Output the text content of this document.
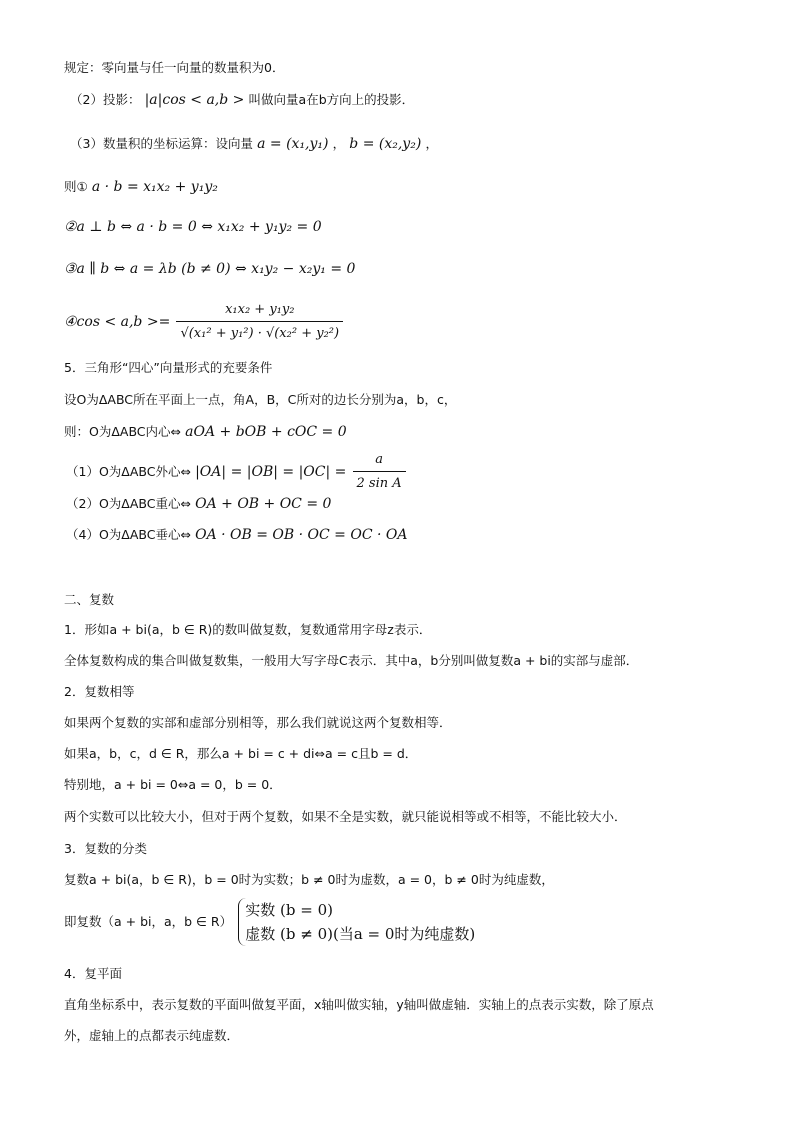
规定：零向量与任一向量的数量积为0．
（2）投影： |a|cos < a,b > 叫做向量a在b方向上的投影．
（3）数量积的坐标运算：设向量 a = (x₁,y₁) ， b = (x₂,y₂) ，
则① a · b = x₁x₂ + y₁y₂
②a ⊥ b ⇔ a · b = 0 ⇔ x₁x₂ + y₁y₂ = 0
③a ∥ b ⇔ a = λb (b ≠ 0) ⇔ x₁y₂ − x₂y₁ = 0
④cos < $a,b >= \frac{\text{x₁x₂ + y₁y₂}}{\text{√(x₁² + y₁²) · √(x₂² + y₂²)}}$
5．三角形“四心”向量形式的充要条件
设O为ΔABC所在平面上一点，角A，B，C所对的边长分别为a，b，c，
则：O为ΔABC内心⇔ aOA + bOB + cOC = 0
（1）O为ΔABC外心⇔ $|OA| = |OB| = |OC| = \frac{a}{\text{2 sin A}}$
（2）O为ΔABC重心⇔ OA + OB + OC = 0
（4）O为ΔABC垂心⇔ OA · OB = OB · OC = OC · OA
二、复数
1．形如a + bi(a，b ∈ R)的数叫做复数，复数通常用字母z表示．
全体复数构成的集合叫做复数集，一般用大写字母C表示．其中a，b分别叫做复数a + bi的实部与虚部．
2．复数相等
如果两个复数的实部和虚部分别相等，那么我们就说这两个复数相等．
如果a，b，c，d ∈ R，那么a + bi = c + di⇔a = c且b = d．
特别地，a + bi = 0⇔a = 0，b = 0．
两个实数可以比较大小，但对于两个复数，如果不全是实数，就只能说相等或不相等，不能比较大小．
3．复数的分类
复数a + bi(a，b ∈ R)，b = 0时为实数；b ≠ 0时为虚数，a = 0，b ≠ 0时为纯虚数，
即复数（a + bi，a，b ∈ R）
实数 (b = 0)
虚数 (b ≠ 0)(当a = 0时为纯虚数)
4．复平面
直角坐标系中，表示复数的平面叫做复平面，x轴叫做实轴，y轴叫做虚轴．实轴上的点表示实数，除了原点
外，虚轴上的点都表示纯虚数．
